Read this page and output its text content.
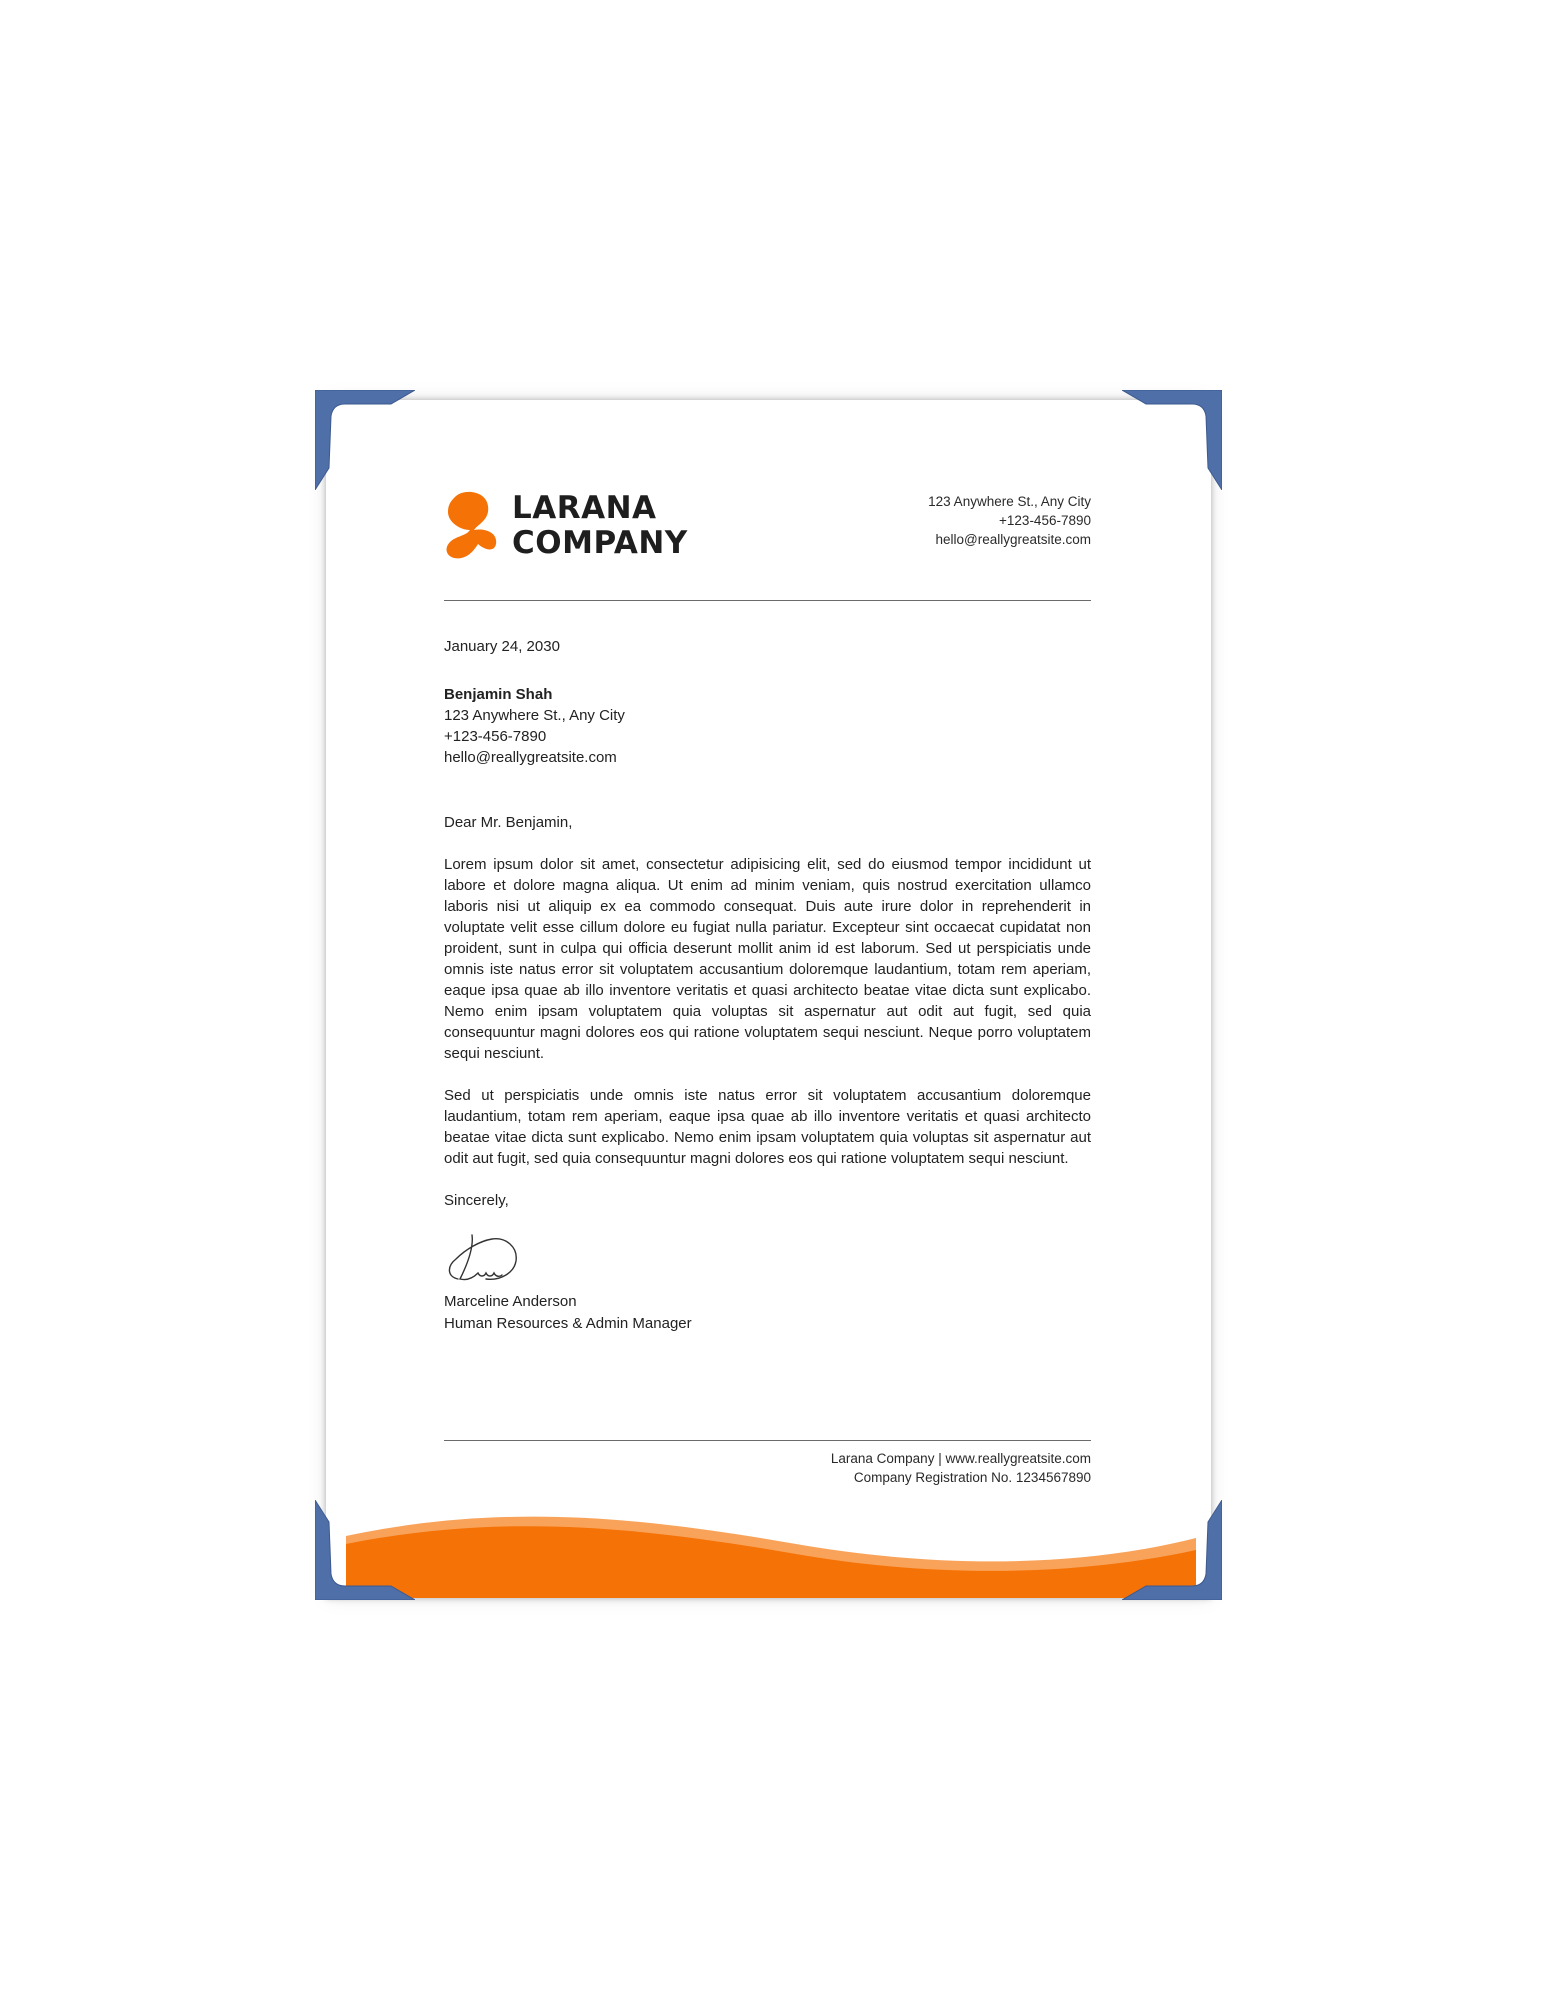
LARANA
COMPANY
123 Anywhere St., Any City
+123-456-7890
hello@reallygreatsite.com
January 24, 2030
Benjamin Shah
123 Anywhere St., Any City
+123-456-7890
hello@reallygreatsite.com
Dear Mr. Benjamin,
Lorem ipsum dolor sit amet, consectetur adipisicing elit, sed do eiusmod tempor incididunt ut labore et dolore magna aliqua. Ut enim ad minim veniam, quis nostrud exercitation ullamco laboris nisi ut aliquip ex ea commodo consequat. Duis aute irure dolor in reprehenderit in voluptate velit esse cillum dolore eu fugiat nulla pariatur. Excepteur sint occaecat cupidatat non proident, sunt in culpa qui officia deserunt mollit anim id est laborum. Sed ut perspiciatis unde omnis iste natus error sit voluptatem accusantium doloremque laudantium, totam rem aperiam, eaque ipsa quae ab illo inventore veritatis et quasi architecto beatae vitae dicta sunt explicabo. Nemo enim ipsam voluptatem quia voluptas sit aspernatur aut odit aut fugit, sed quia consequuntur magni dolores eos qui ratione voluptatem sequi nesciunt. Neque porro voluptatem sequi nesciunt.
Sed ut perspiciatis unde omnis iste natus error sit voluptatem accusantium doloremque laudantium, totam rem aperiam, eaque ipsa quae ab illo inventore veritatis et quasi architecto beatae vitae dicta sunt explicabo. Nemo enim ipsam voluptatem quia voluptas sit aspernatur aut odit aut fugit, sed quia consequuntur magni dolores eos qui ratione voluptatem sequi nesciunt.
Sincerely,
Marceline Anderson
Human Resources & Admin Manager
Larana Company | www.reallygreatsite.com
Company Registration No. 1234567890
